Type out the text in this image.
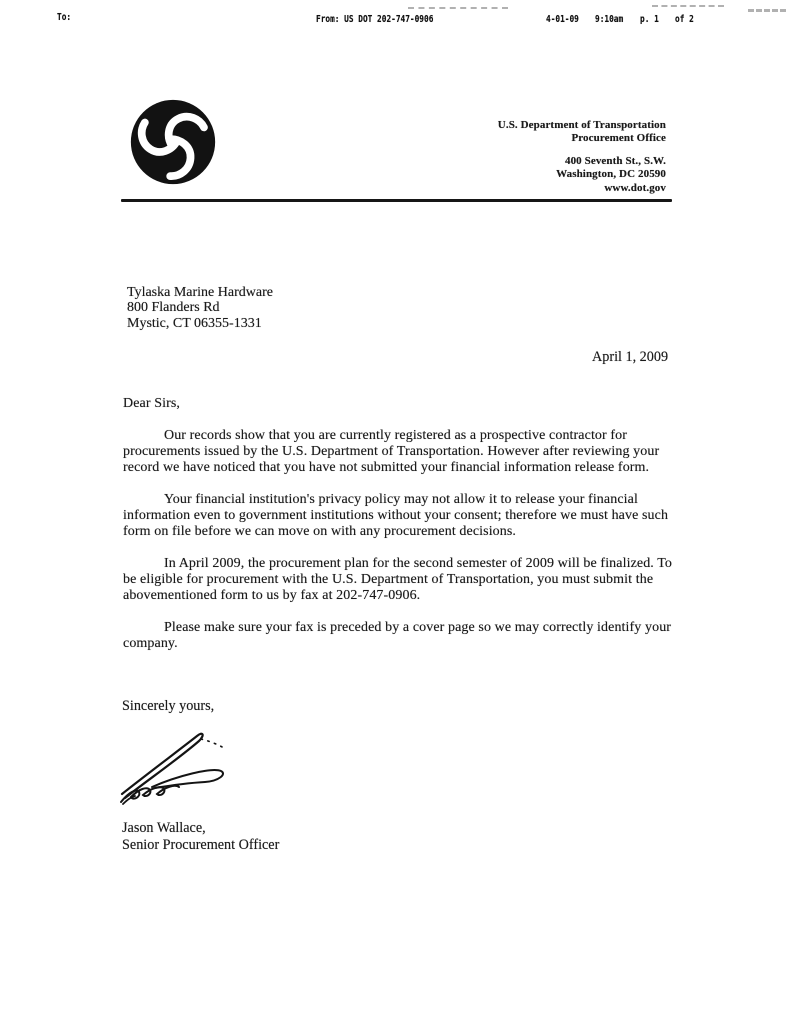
To:	From: US DOT 202-747-0906	4-01-09 9:10am p. 1 of 2
U.S. Department of Transportation
Procurement Office
400 Seventh St., S.W.
Washington, DC 20590
www.dot.gov
Tylaska Marine Hardware
800 Flanders Rd
Mystic, CT 06355-1331
April 1, 2009
Dear Sirs,
Our records show that you are currently registered as a prospective contractor for
procurements issued by the U.S. Department of Transportation. However after reviewing your
record we have noticed that you have not submitted your financial information release form.
Your financial institution's privacy policy may not allow it to release your financial
information even to government institutions without your consent; therefore we must have such
form on file before we can move on with any procurement decisions.
In April 2009, the procurement plan for the second semester of 2009 will be finalized. To
be eligible for procurement with the U.S. Department of Transportation, you must submit the
abovementioned form to us by fax at 202-747-0906.
Please make sure your fax is preceded by a cover page so we may correctly identify your
company.
Sincerely yours,
Jason Wallace,
Senior Procurement Officer
